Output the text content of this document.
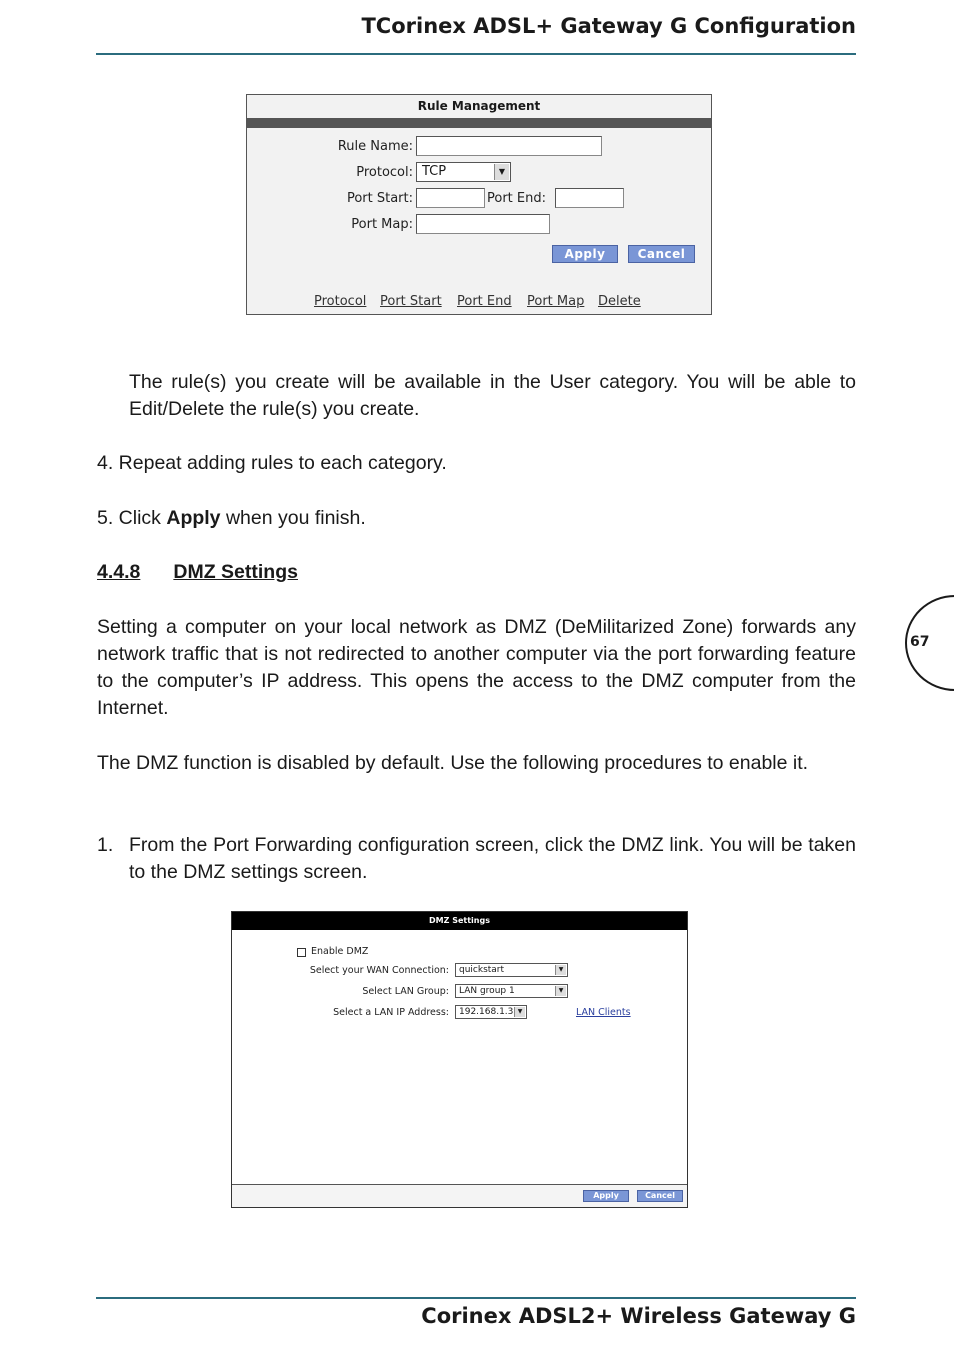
TCorinex ADSL+ Gateway G Configuration
Rule Management
Rule Name:
Protocol: TCP	▼
Port Start:	Port End:
Port Map:
Apply	Cancel
Protocol Port Start Port End Port Map Delete
The rule(s) you create will be available in the User category. You will be able to Edit/Delete the rule(s) you create.
4. Repeat adding rules to each category.
5. Click Apply when you finish.
4.4.8 DMZ Settings
Setting a computer on your local network as DMZ (DeMilitarized Zone) forwards any network traffic that is not redirected to another computer via the port forwarding feature to the computer’s IP address. This opens the access to the DMZ computer from the Internet.
The DMZ function is disabled by default. Use the following procedures to enable it.
1. From the Port Forwarding configuration screen, click the DMZ link. You will be taken to the DMZ settings screen.
DMZ Settings
Enable DMZ
Select your WAN Connection:	quickstart	▼
Select LAN Group:	LAN group 1	▼
Select a LAN IP Address:	192.168.1.3 ▼	LAN Clients
Apply	Cancel
67
Corinex ADSL2+ Wireless Gateway G
